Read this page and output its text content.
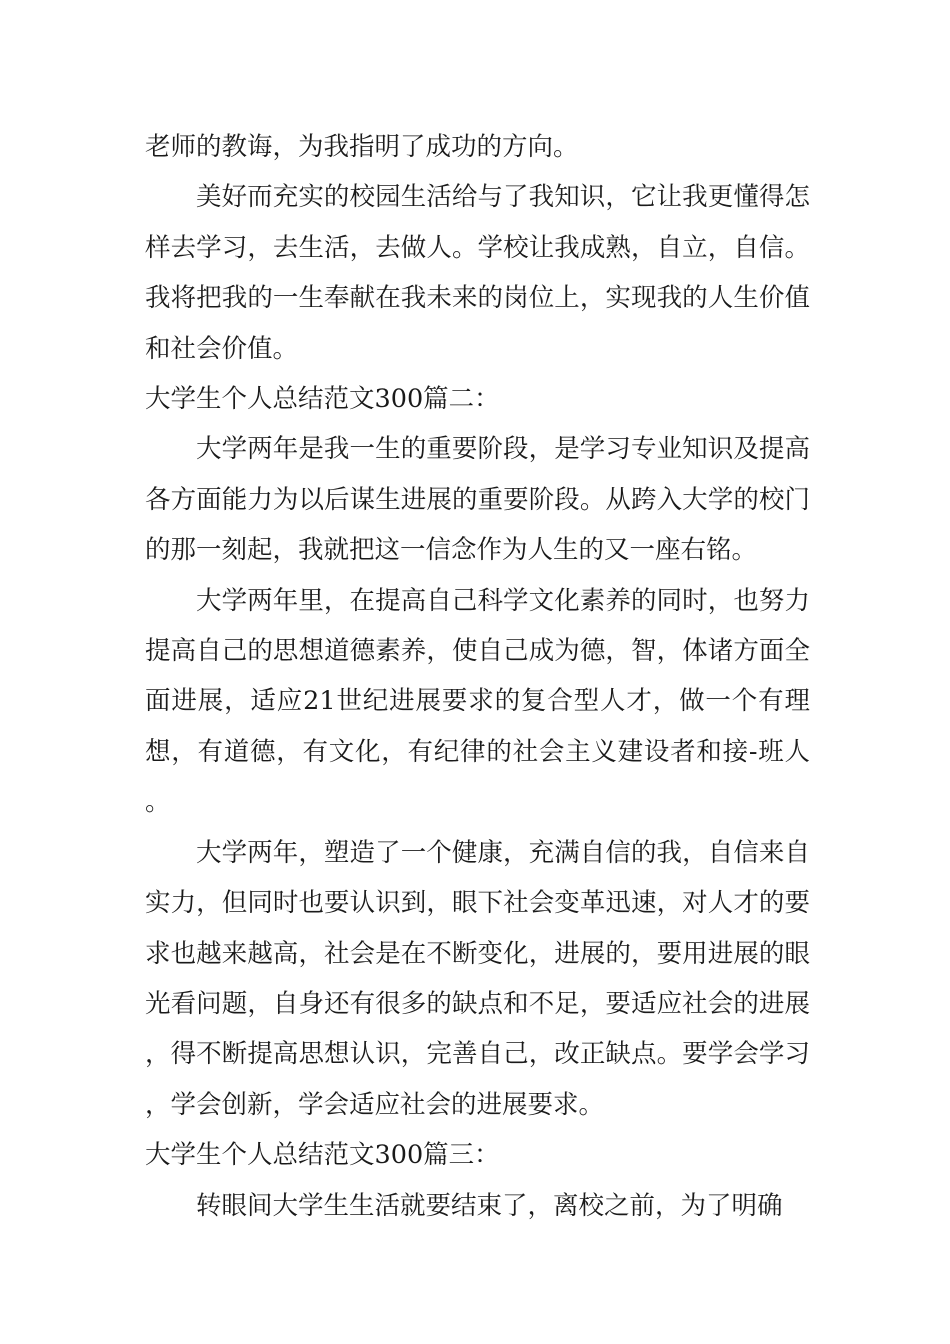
老师的教诲，为我指明了成功的方向。

美好而充实的校园生活给与了我知识，它让我更懂得怎样去学习，去生活，去做人。学校让我成熟，自立，自信。我将把我的一生奉献在我未来的岗位上，实现我的人生价值和社会价值。

大学生个人总结范文300篇二：

大学两年是我一生的重要阶段，是学习专业知识及提高各方面能力为以后谋生进展的重要阶段。从跨入大学的校门的那一刻起，我就把这一信念作为人生的又一座右铭。

大学两年里，在提高自己科学文化素养的同时，也努力提高自己的思想道德素养，使自己成为德，智，体诸方面全面进展，适应21世纪进展要求的复合型人才，做一个有理想，有道德，有文化，有纪律的社会主义建设者和接-班人。

大学两年，塑造了一个健康，充满自信的我，自信来自实力，但同时也要认识到，眼下社会变革迅速，对人才的要求也越来越高，社会是在不断变化，进展的，要用进展的眼光看问题，自身还有很多的缺点和不足，要适应社会的进展，得不断提高思想认识，完善自己，改正缺点。要学会学习，学会创新，学会适应社会的进展要求。

大学生个人总结范文300篇三：

转眼间大学生生活就要结束了，离校之前，为了明确
